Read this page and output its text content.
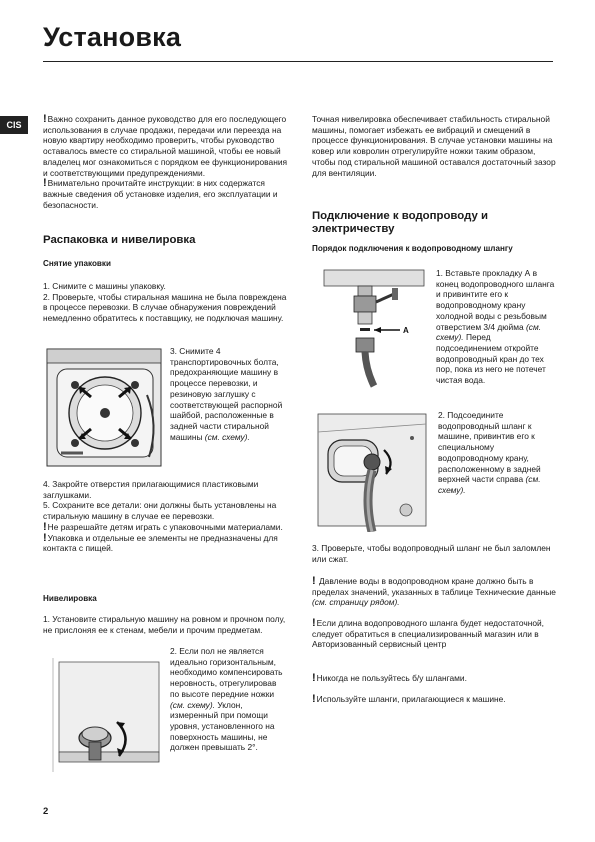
Установка
CIS	!Важно сохранить данное руководство для его последующего использования в случае продажи, передачи или переезда на новую квартиру необходимо проверить, чтобы руководство оставалось вместе со стиральной машиной, чтобы ее новый владелец мог ознакомиться с порядком ее функционирования и соответствующими предупреждениями.

!Внимательно прочитайте инструкции: в них содержатся важные сведения об установке изделия, его эксплуатации и безопасности.

Распаковка и нивелировка
Снятие упаковки

1. Снимите с машины упаковку.

2. Проверьте, чтобы стиральная машина не была повреждена в процессе перевозки. В случае обнаружения повреждений немедленно обратитесь к поставщику, не подключая машину.

3. Снимите 4 транспортировочных болта, предохраняющие машину в процессе перевозки, и резиновую заглушку с соответствующей распорной шайбой, расположенные в задней части стиральной машины (см. схему).

4. Закройте отверстия прилагающимися пластиковыми заглушками.

5. Сохраните все детали: они должны быть установлены на стиральную машину в случае ее перевозки.

!Не разрешайте детям играть с упаковочными материалами.

!Упаковка и отдельные ее элементы не предназначены для контакта с пищей.

Нивелировка

1. Установите стиральную машину на ровном и прочном полу, не прислоняя ее к стенам, мебели и прочим предметам.

2. Если пол не является идеально горизонтальным, необходимо компенсировать неровность, отрегулировав по высоте передние ножки (см. схему). Уклон, измеренный при помощи уровня, установленного на поверхность машины, не должен превышать 2°.

Точная нивелировка обеспечивает стабильность стиральной машины, помогает избежать ее вибраций и смещений в процессе функционирования. В случае установки машины на ковер или ковролин отрегулируйте ножки таким образом, чтобы под стиральной машиной оставался достаточный зазор для вентиляции.

Подключение к водопроводу и электричеству
Порядок подключения к водопроводному шлангу
A

1. Вставьте прокладку А в конец водопроводного шланга и привинтите его к водопроводному крану холодной воды с резьбовым отверстием 3/4 дюйма (см. схему). Перед подсоединением откройте водопроводный кран до тех пор, пока из него не потечет чистая вода.

2. Подсоедините водопроводный шланг к машине, привинтив его к специальному водопроводному крану, расположенному в задней верхней части справа (см. схему).

3. Проверьте, чтобы водопроводный шланг не был заломлен или сжат.

! Давление воды в водопроводном кране должно быть в пределах значений, указанных в таблице Технические данные (см. страницу рядом).

!Если длина водопроводного шланга будет недостаточной, следует обратиться в специализированный магазин или в Авторизованный сервисный центр

!Никогда не пользуйтесь б/у шлангами.

!Используйте шланги, прилагающиеся к машине.

2
